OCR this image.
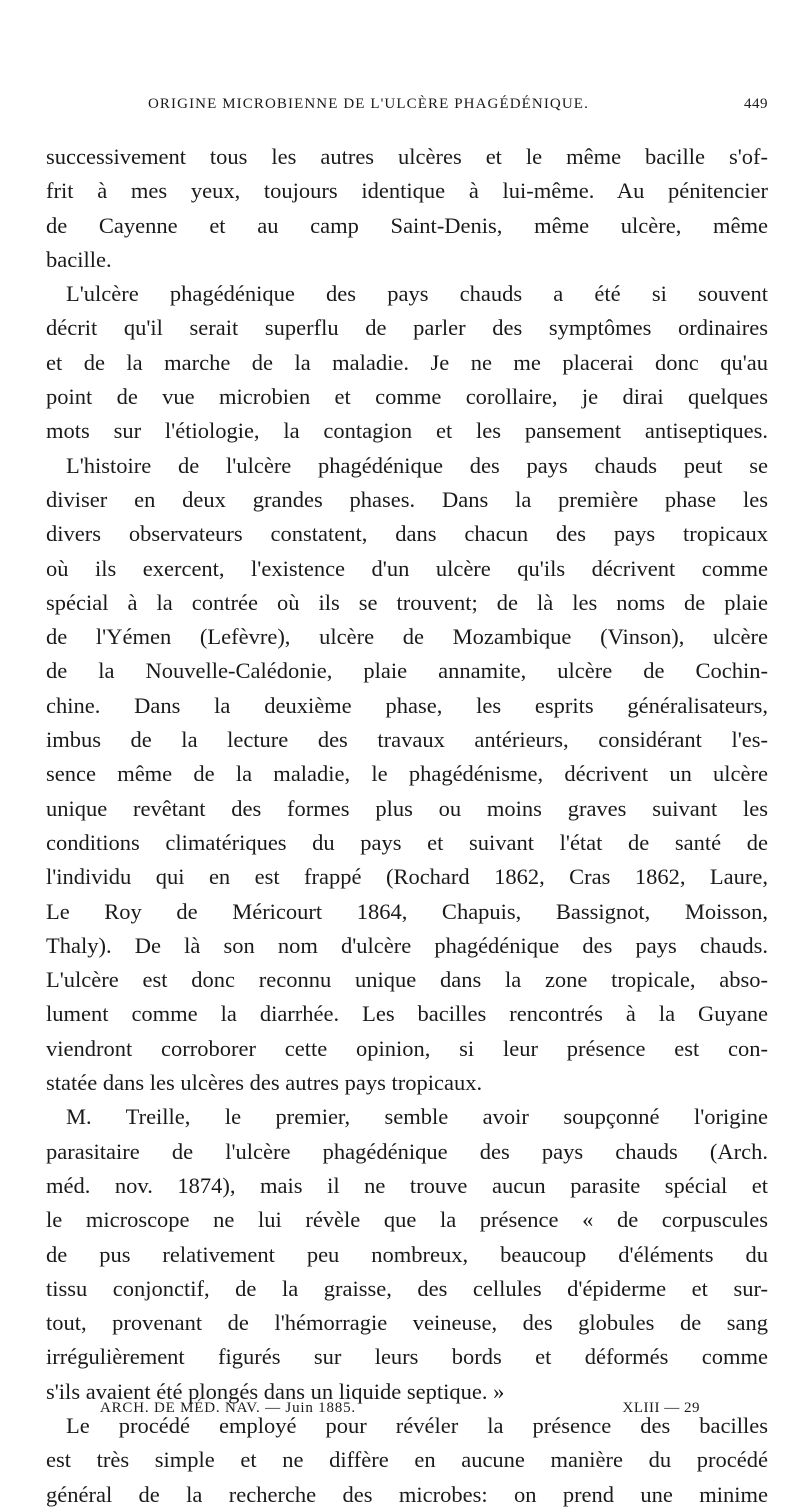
ORIGINE MICROBIENNE DE L'ULCÈRE PHAGÉDÉNIQUE.	449
successivement tous les autres ulcères et le même bacille s'of-
frit à mes yeux, toujours identique à lui-même. Au pénitencier
de Cayenne et au camp Saint-Denis, même ulcère, même
bacille.
L'ulcère phagédénique des pays chauds a été si souvent
décrit qu'il serait superflu de parler des symptômes ordinaires
et de la marche de la maladie. Je ne me placerai donc qu'au
point de vue microbien et comme corollaire, je dirai quelques
mots sur l'étiologie, la contagion et les pansement antiseptiques.
L'histoire de l'ulcère phagédénique des pays chauds peut se
diviser en deux grandes phases. Dans la première phase les
divers observateurs constatent, dans chacun des pays tropicaux
où ils exercent, l'existence d'un ulcère qu'ils décrivent comme
spécial à la contrée où ils se trouvent; de là les noms de plaie
de l'Yémen (Lefèvre), ulcère de Mozambique (Vinson), ulcère
de la Nouvelle-Calédonie, plaie annamite, ulcère de Cochin-
chine. Dans la deuxième phase, les esprits généralisateurs,
imbus de la lecture des travaux antérieurs, considérant l'es-
sence même de la maladie, le phagédénisme, décrivent un ulcère
unique revêtant des formes plus ou moins graves suivant les
conditions climatériques du pays et suivant l'état de santé de
l'individu qui en est frappé (Rochard 1862, Cras 1862, Laure,
Le Roy de Méricourt 1864, Chapuis, Bassignot, Moisson,
Thaly). De là son nom d'ulcère phagédénique des pays chauds.
L'ulcère est donc reconnu unique dans la zone tropicale, abso-
lument comme la diarrhée. Les bacilles rencontrés à la Guyane
viendront corroborer cette opinion, si leur présence est con-
statée dans les ulcères des autres pays tropicaux.
M. Treille, le premier, semble avoir soupçonné l'origine
parasitaire de l'ulcère phagédénique des pays chauds (Arch.
méd. nov. 1874), mais il ne trouve aucun parasite spécial et
le microscope ne lui révèle que la présence « de corpuscules
de pus relativement peu nombreux, beaucoup d'éléments du
tissu conjonctif, de la graisse, des cellules d'épiderme et sur-
tout, provenant de l'hémorragie veineuse, des globules de sang
irrégulièrement figurés sur leurs bords et déformés comme
s'ils avaient été plongés dans un liquide septique. »
Le procédé employé pour révéler la présence des bacilles
est très simple et ne diffère en aucune manière du procédé
général de la recherche des microbes: on prend une minime
ARCH. DE MÉD. NAV. — Juin 1885.	XLIII — 29
